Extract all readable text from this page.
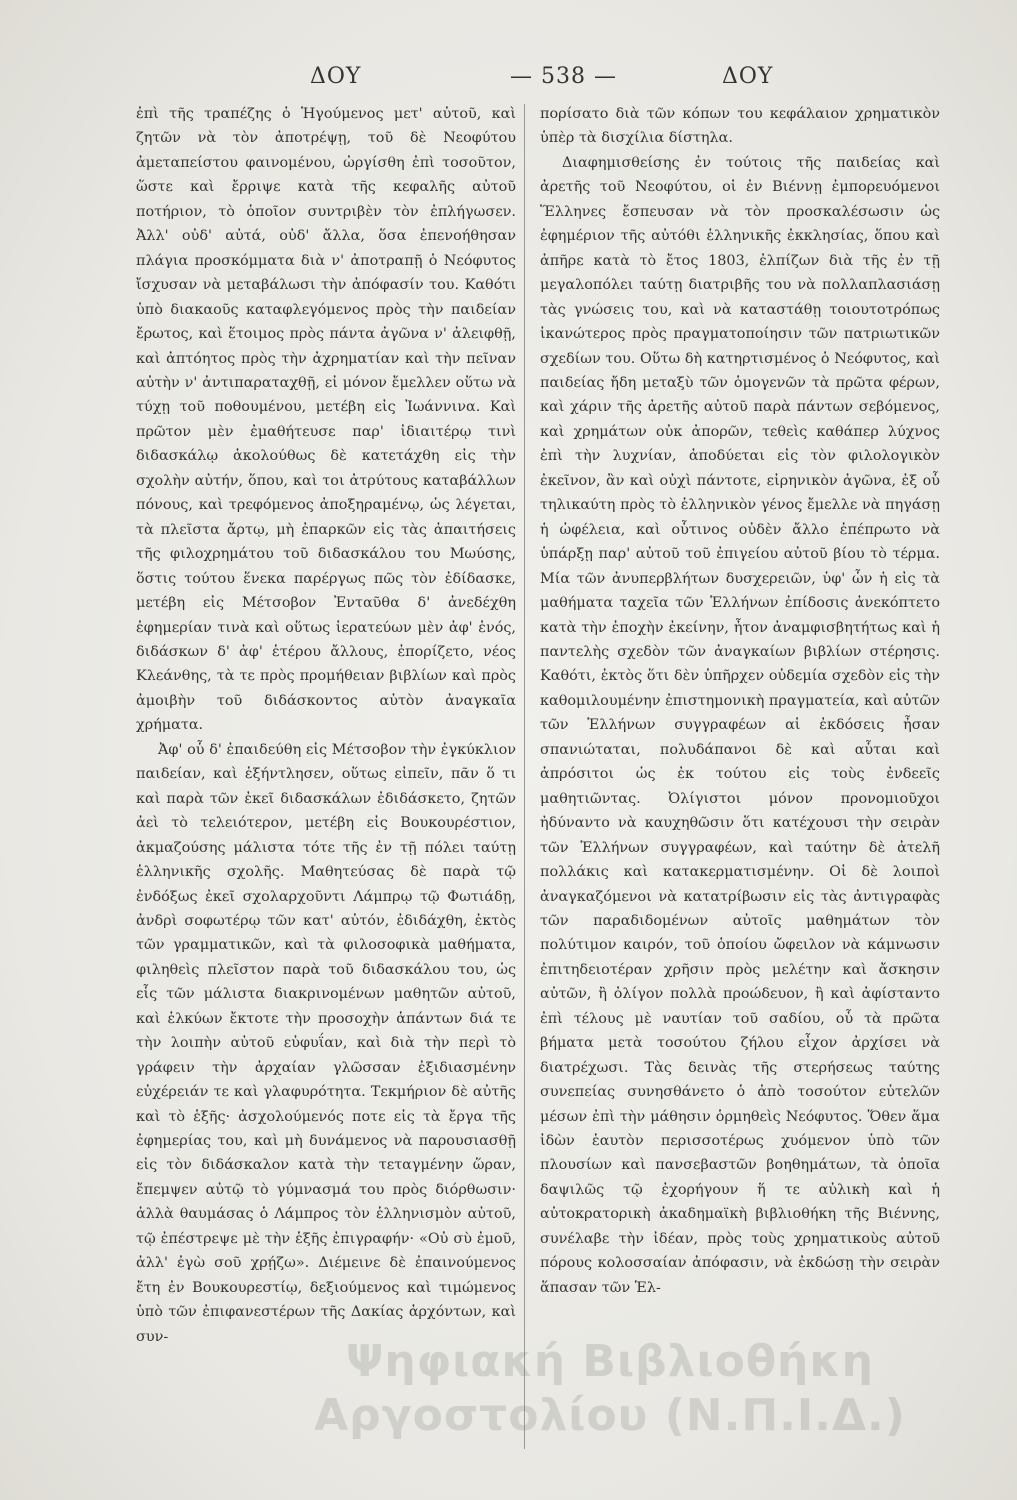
ΔΟΥ	— 538 —	ΔΟΥ

ἐπὶ τῆς τραπέζης ὁ Ἡγούμενος μετ' αὐτοῦ, καὶ ζητῶν νὰ τὸν ἀποτρέψῃ, τοῦ δὲ Νεοφύτου ἀμεταπείστου φαινομένου, ὠργίσθη ἐπὶ τοσοῦτον, ὥστε καὶ ἔρριψε κατὰ τῆς κεφαλῆς αὐτοῦ ποτήριον, τὸ ὁποῖον συντριβὲν τὸν ἐπλήγωσεν. Ἀλλ' οὐδ' αὐτά, οὐδ' ἄλλα, ὅσα ἐπενοήθησαν πλάγια προσκόμματα διὰ ν' ἀποτραπῇ ὁ Νεόφυτος ἴσχυσαν νὰ μεταβάλωσι τὴν ἀπόφασίν του. Καθότι ὑπὸ διακαοῦς καταφλεγόμενος πρὸς τὴν παιδείαν ἔρωτος, καὶ ἕτοιμος πρὸς πάντα ἀγῶνα ν' ἀλειφθῇ, καὶ ἀπτόητος πρὸς τὴν ἀχρηματίαν καὶ τὴν πεῖναν αὐτὴν ν' ἀντιπαραταχθῇ, εἰ μόνον ἔμελλεν οὕτω νὰ τύχῃ τοῦ ποθουμένου, μετέβη εἰς Ἰωάννινα. Καὶ πρῶτον μὲν ἐμαθήτευσε παρ' ἰδιαιτέρῳ τινὶ διδασκάλῳ ἀκολούθως δὲ κατετάχθη εἰς τὴν σχολὴν αὐτήν, ὅπου, καὶ τοι ἀτρύτους καταβάλλων πόνους, καὶ τρεφόμενος ἀποξηραμένῳ, ὡς λέγεται, τὰ πλεῖστα ἄρτῳ, μὴ ἐπαρκῶν εἰς τὰς ἀπαιτήσεις τῆς φιλοχρημάτου τοῦ διδασκάλου του Μωύσης, ὅστις τούτου ἕνεκα παρέργως πῶς τὸν ἐδίδασκε, μετέβη εἰς Μέτσοβον Ἐνταῦθα δ' ἀνεδέχθη ἐφημερίαν τινὰ καὶ οὕτως ἱερατεύων μὲν ἀφ' ἑνός, διδάσκων δ' ἀφ' ἑτέρου ἄλλους, ἐπορίζετο, νέος Κλεάνθης, τὰ τε πρὸς προμήθειαν βιβλίων καὶ πρὸς ἀμοιβὴν τοῦ διδάσκοντος αὐτὸν ἀναγκαῖα χρήματα.

Ἀφ' οὗ δ' ἐπαιδεύθη εἰς Μέτσοβον τὴν ἐγκύκλιον παιδείαν, καὶ ἐξήντλησεν, οὕτως εἰπεῖν, πᾶν ὅ τι καὶ παρὰ τῶν ἐκεῖ διδασκάλων ἐδιδάσκετο, ζητῶν ἀεὶ τὸ τελειότερον, μετέβη εἰς Βουκουρέστιον, ἀκμαζούσης μάλιστα τότε τῆς ἐν τῇ πόλει ταύτῃ ἑλληνικῆς σχολῆς. Μαθητεύσας δὲ παρὰ τῷ ἐνδόξως ἐκεῖ σχολαρχοῦντι Λάμπρῳ τῷ Φωτιάδῃ, ἀνδρὶ σοφωτέρῳ τῶν κατ' αὐτόν, ἐδιδάχθη, ἐκτὸς τῶν γραμματικῶν, καὶ τὰ φιλοσοφικὰ μαθήματα, φιληθεὶς πλεῖστον παρὰ τοῦ διδασκάλου του, ὡς εἷς τῶν μάλιστα διακρινομένων μαθητῶν αὐτοῦ, καὶ ἑλκύων ἔκτοτε τὴν προσοχὴν ἁπάντων διά τε τὴν λοιπὴν αὐτοῦ εὐφυΐαν, καὶ διὰ τὴν περὶ τὸ γράφειν τὴν ἀρχαίαν γλῶσσαν ἐξιδιασμένην εὐχέρειάν τε καὶ γλαφυρότητα. Τεκμήριον δὲ αὐτῆς καὶ τὸ ἑξῆς· ἀσχολούμενός ποτε εἰς τὰ ἔργα τῆς ἐφημερίας του, καὶ μὴ δυνάμενος νὰ παρουσιασθῇ εἰς τὸν διδάσκαλον κατὰ τὴν τεταγμένην ὥραν, ἔπεμψεν αὐτῷ τὸ γύμνασμά του πρὸς διόρθωσιν· ἀλλὰ θαυμάσας ὁ Λάμπρος τὸν ἑλληνισμὸν αὐτοῦ, τῷ ἐπέστρεψε μὲ τὴν ἑξῆς ἐπιγραφήν· «Οὐ σὺ ἐμοῦ, ἀλλ' ἐγὼ σοῦ χρῄζω». Διέμεινε δὲ ἐπαινούμενος ἔτη ἐν Βουκουρεστίῳ, δεξιούμενος καὶ τιμώμενος ὑπὸ τῶν ἐπιφανεστέρων τῆς Δακίας ἀρχόντων, καὶ συν-

πορίσατο διὰ τῶν κόπων του κεφάλαιον χρηματικὸν ὑπὲρ τὰ δισχίλια δίστηλα.

Διαφημισθείσης ἐν τούτοις τῆς παιδείας καὶ ἀρετῆς τοῦ Νεοφύτου, οἱ ἐν Βιέννῃ ἐμπορευόμενοι Ἕλληνες ἔσπευσαν νὰ τὸν προσκαλέσωσιν ὡς ἐφημέριον τῆς αὐτόθι ἑλληνικῆς ἐκκλησίας, ὅπου καὶ ἀπῆρε κατὰ τὸ ἔτος 1803, ἐλπίζων διὰ τῆς ἐν τῇ μεγαλοπόλει ταύτῃ διατριβῆς του νὰ πολλαπλασιάσῃ τὰς γνώσεις του, καὶ νὰ καταστάθῃ τοιουτοτρόπως ἱκανώτερος πρὸς πραγματοποίησιν τῶν πατριωτικῶν σχεδίων του. Οὕτω δὴ κατηρτισμένος ὁ Νεόφυτος, καὶ παιδείας ἤδη μεταξὺ τῶν ὁμογενῶν τὰ πρῶτα φέρων, καὶ χάριν τῆς ἀρετῆς αὐτοῦ παρὰ πάντων σεβόμενος, καὶ χρημάτων οὐκ ἀπορῶν, τεθεὶς καθάπερ λύχνος ἐπὶ τὴν λυχνίαν, ἀποδύεται εἰς τὸν φιλολογικὸν ἐκεῖνον, ἂν καὶ οὐχὶ πάντοτε, εἰρηνικὸν ἀγῶνα, ἐξ οὗ τηλικαύτη πρὸς τὸ ἑλληνικὸν γένος ἔμελλε νὰ πηγάσῃ ἡ ὠφέλεια, καὶ οὗτινος οὐδὲν ἄλλο ἐπέπρωτο νὰ ὑπάρξῃ παρ' αὐτοῦ τοῦ ἐπιγείου αὐτοῦ βίου τὸ τέρμα. Μία τῶν ἀνυπερβλήτων δυσχερειῶν, ὑφ' ὧν ἡ εἰς τὰ μαθήματα ταχεῖα τῶν Ἑλλήνων ἐπίδοσις ἀνεκόπτετο κατὰ τὴν ἐποχὴν ἐκείνην, ἦτον ἀναμφισβητήτως καὶ ἡ παντελὴς σχεδὸν τῶν ἀναγκαίων βιβλίων στέρησις. Καθότι, ἐκτὸς ὅτι δὲν ὑπῆρχεν οὐδεμία σχεδὸν εἰς τὴν καθομιλουμένην ἐπιστημονικὴ πραγματεία, καὶ αὐτῶν τῶν Ἑλλήνων συγγραφέων αἱ ἐκδόσεις ἦσαν σπανιώταται, πολυδάπανοι δὲ καὶ αὗται καὶ ἀπρόσιτοι ὡς ἐκ τούτου εἰς τοὺς ἐνδεεῖς μαθητιῶντας. Ὀλίγιστοι μόνον προνομιοῦχοι ἠδύναντο νὰ καυχηθῶσιν ὅτι κατέχουσι τὴν σειρὰν τῶν Ἑλλήνων συγγραφέων, καὶ ταύτην δὲ ἀτελῆ πολλάκις καὶ κατακερματισμένην. Οἱ δὲ λοιποὶ ἀναγκαζόμενοι νὰ κατατρίβωσιν εἰς τὰς ἀντιγραφὰς τῶν παραδιδομένων αὐτοῖς μαθημάτων τὸν πολύτιμον καιρόν, τοῦ ὁποίου ὤφειλον νὰ κάμνωσιν ἐπιτηδειοτέραν χρῆσιν πρὸς μελέτην καὶ ἄσκησιν αὐτῶν, ἢ ὀλίγον πολλὰ προώδευον, ἢ καὶ ἀφίσταντο ἐπὶ τέλους μὲ ναυτίαν τοῦ σαδίου, οὗ τὰ πρῶτα βήματα μετὰ τοσούτου ζήλου εἶχον ἀρχίσει νὰ διατρέχωσι. Τὰς δεινὰς τῆς στερήσεως ταύτης συνεπείας συνησθάνετο ὁ ἀπὸ τοσούτον εὐτελῶν μέσων ἐπὶ τὴν μάθησιν ὁρμηθεὶς Νεόφυτος. Ὅθεν ἅμα ἰδὼν ἑαυτὸν περισσοτέρως χυόμενον ὑπὸ τῶν πλουσίων καὶ πανσεβαστῶν βοηθημάτων, τὰ ὁποῖα δαψιλῶς τῷ ἐχορήγουν ἥ τε αὐλικὴ καὶ ἡ αὐτοκρατορικὴ ἀκαδημαϊκὴ βιβλιοθήκη τῆς Βιέννης, συνέλαβε τὴν ἰδέαν, πρὸς τοὺς χρηματικοὺς αὐτοῦ πόρους κολοσσαίαν ἀπόφασιν, νὰ ἐκδώσῃ τὴν σειρὰν ἅπασαν τῶν Ἑλ-

Ψηφιακή Βιβλιοθήκη Αργοστολίου (Ν.Π.Ι.Δ.)
